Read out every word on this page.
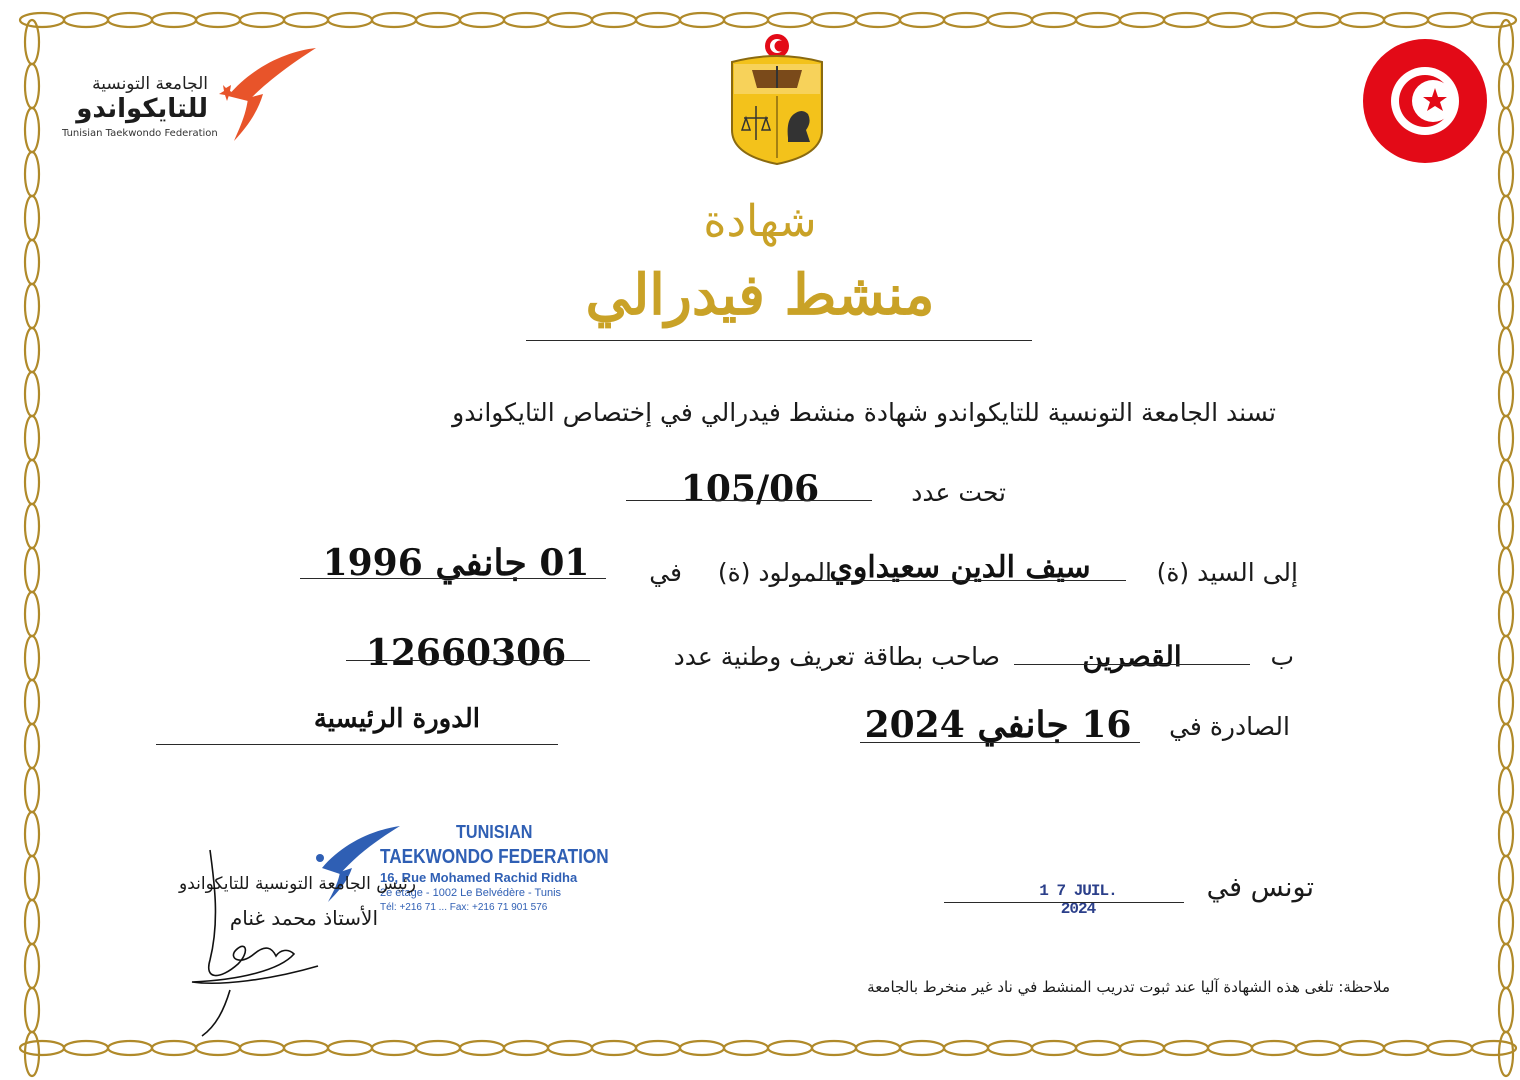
الجامعة التونسية
للتايكواندو
Tunisian Taekwondo Federation
شهادة
منشط فيدرالي
تسند الجامعة التونسية للتايكواندو شهادة منشط فيدرالي في إختصاص التايكواندو
تحت عدد
105/06
إلى السيد (ة)
سيف الدين سعيداوي
المولود (ة)
في
01 جانفي 1996
ب
القصرين
صاحب بطاقة تعريف وطنية عدد
12660306
الصادرة في
16 جانفي 2024
الدورة الرئيسية
TUNISIAN
TAEKWONDO FEDERATION
16, Rue Mohamed Rachid Ridha
2e étage - 1002 Le Belvédère - Tunis
Tél: +216 71 ... Fax: +216 71 901 576
رئيس الجامعة التونسية للتايكواندو
الأستاذ محمد غنام
تونس في
1 7 JUIL. 2024
ملاحظة: تلغى هذه الشهادة آليا عند ثبوت تدريب المنشط في ناد غير منخرط بالجامعة
